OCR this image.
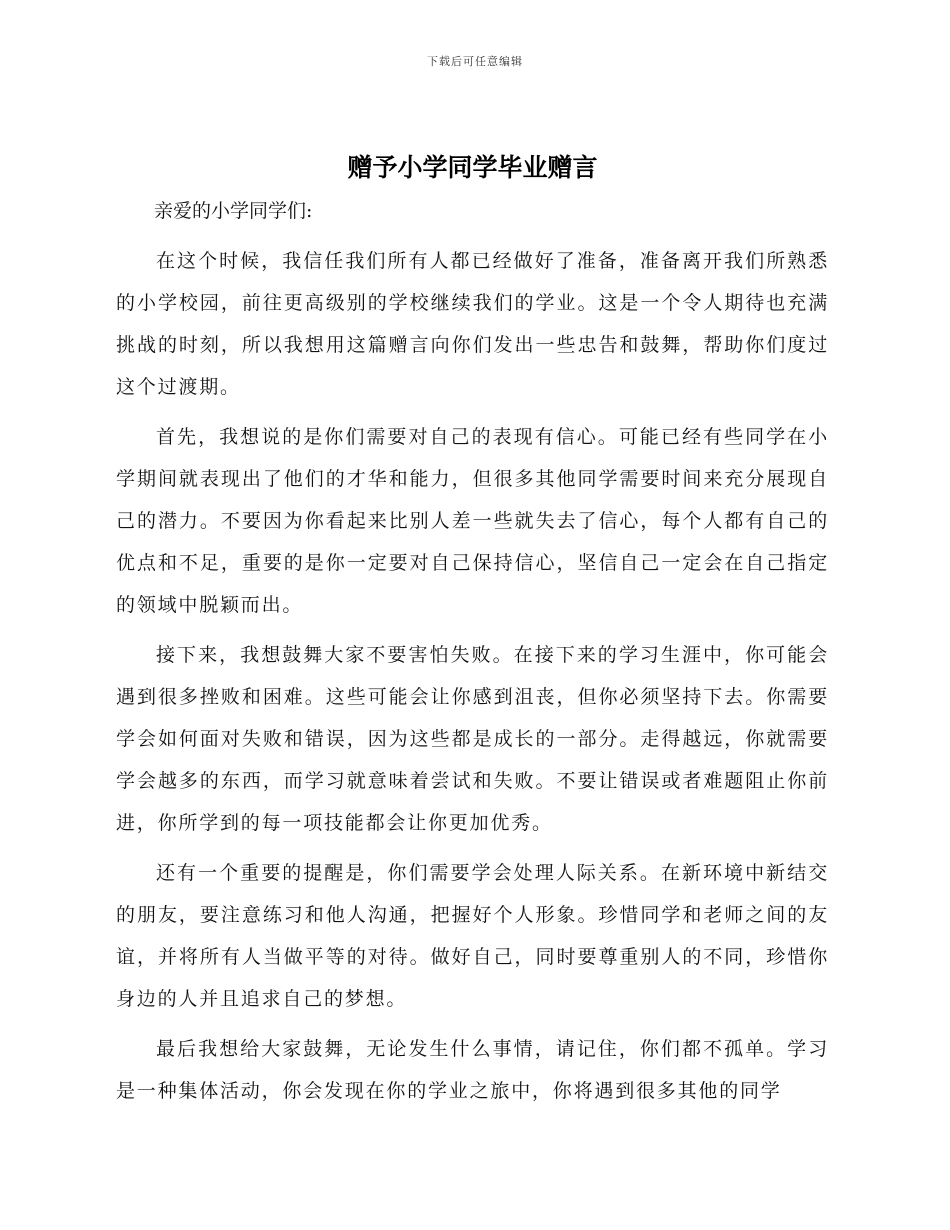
下载后可任意编辑
赠予小学同学毕业赠言

亲爱的小学同学们:

在这个时候，我信任我们所有人都已经做好了准备，准备离开我们所熟悉的小学校园，前往更高级别的学校继续我们的学业。这是一个令人期待也充满挑战的时刻，所以我想用这篇赠言向你们发出一些忠告和鼓舞，帮助你们度过这个过渡期。

首先，我想说的是你们需要对自己的表现有信心。可能已经有些同学在小学期间就表现出了他们的才华和能力，但很多其他同学需要时间来充分展现自己的潜力。不要因为你看起来比别人差一些就失去了信心，每个人都有自己的优点和不足，重要的是你一定要对自己保持信心，坚信自己一定会在自己指定的领域中脱颖而出。

接下来，我想鼓舞大家不要害怕失败。在接下来的学习生涯中，你可能会遇到很多挫败和困难。这些可能会让你感到沮丧，但你必须坚持下去。你需要学会如何面对失败和错误，因为这些都是成长的一部分。走得越远，你就需要学会越多的东西，而学习就意味着尝试和失败。不要让错误或者难题阻止你前进，你所学到的每一项技能都会让你更加优秀。

还有一个重要的提醒是，你们需要学会处理人际关系。在新环境中新结交的朋友，要注意练习和他人沟通，把握好个人形象。珍惜同学和老师之间的友谊，并将所有人当做平等的对待。做好自己，同时要尊重别人的不同，珍惜你身边的人并且追求自己的梦想。

最后我想给大家鼓舞，无论发生什么事情，请记住，你们都不孤单。学习是一种集体活动，你会发现在你的学业之旅中，你将遇到很多其他的同学
